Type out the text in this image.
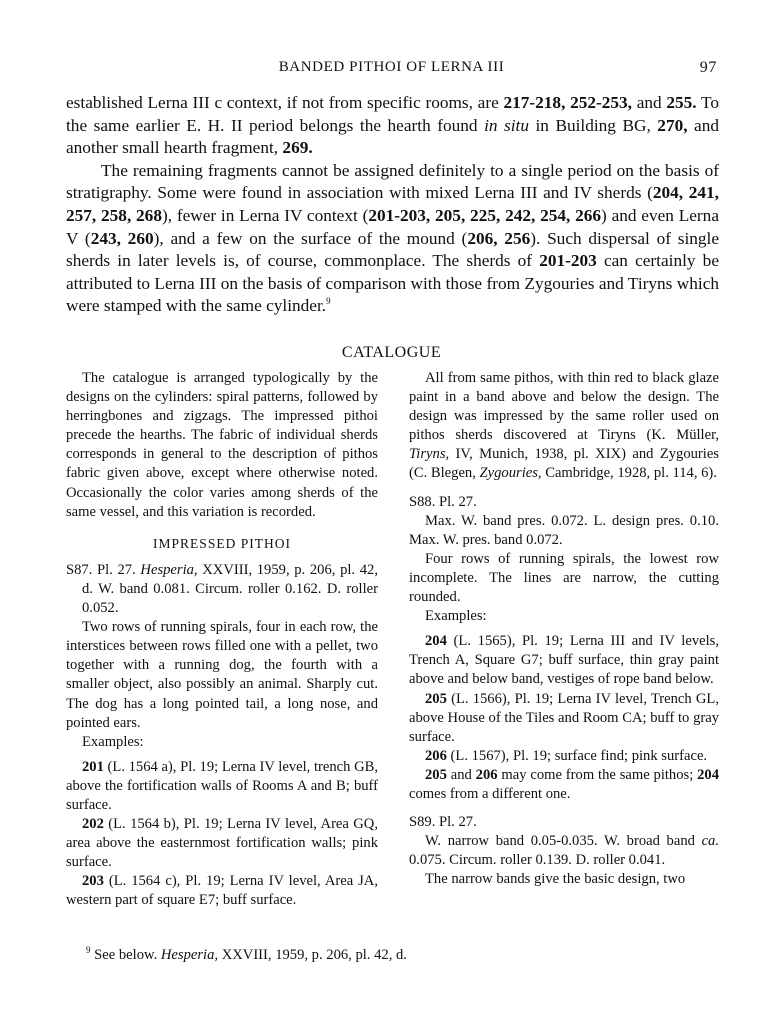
BANDED PITHOI OF LERNA III	97

established Lerna III c context, if not from specific rooms, are 217-218, 252-253, and 255. To the same earlier E. H. II period belongs the hearth found in situ in Building BG, 270, and another small hearth fragment, 269.

The remaining fragments cannot be assigned definitely to a single period on the basis of stratigraphy. Some were found in association with mixed Lerna III and IV sherds (204, 241, 257, 258, 268), fewer in Lerna IV context (201-203, 205, 225, 242, 254, 266) and even Lerna V (243, 260), and a few on the surface of the mound (206, 256). Such dispersal of single sherds in later levels is, of course, commonplace. The sherds of 201-203 can certainly be attributed to Lerna III on the basis of comparison with those from Zygouries and Tiryns which were stamped with the same cylinder.$^9$

CATALOGUE

The catalogue is arranged typologically by the designs on the cylinders: spiral patterns, followed by herringbones and zigzags. The impressed pithoi precede the hearths. The fabric of individual sherds corresponds in general to the description of pithos fabric given above, except where otherwise noted. Occasionally the color varies among sherds of the same vessel, and this variation is recorded.

IMPRESSED PITHOI

S87. Pl. 27. Hesperia, XXVIII, 1959, p. 206, pl. 42, d. W. band 0.081. Circum. roller 0.162. D. roller 0.052.

Two rows of running spirals, four in each row, the interstices between rows filled one with a pellet, two together with a running dog, the fourth with a smaller object, also possibly an animal. Sharply cut. The dog has a long pointed tail, a long nose, and pointed ears.

Examples:

201 (L. 1564 a), Pl. 19; Lerna IV level, trench GB, above the fortification walls of Rooms A and B; buff surface.

202 (L. 1564 b), Pl. 19; Lerna IV level, Area GQ, area above the easternmost fortification walls; pink surface.

203 (L. 1564 c), Pl. 19; Lerna IV level, Area JA, western part of square E7; buff surface.

All from same pithos, with thin red to black glaze paint in a band above and below the design. The design was impressed by the same roller used on pithos sherds discovered at Tiryns (K. Müller, Tiryns, IV, Munich, 1938, pl. XIX) and Zygouries (C. Blegen, Zygouries, Cambridge, 1928, pl. 114, 6).

S88. Pl. 27.

Max. W. band pres. 0.072. L. design pres. 0.10. Max. W. pres. band 0.072.

Four rows of running spirals, the lowest row incomplete. The lines are narrow, the cutting rounded.

Examples:

204 (L. 1565), Pl. 19; Lerna III and IV levels, Trench A, Square G7; buff surface, thin gray paint above and below band, vestiges of rope band below.

205 (L. 1566), Pl. 19; Lerna IV level, Trench GL, above House of the Tiles and Room CA; buff to gray surface.

206 (L. 1567), Pl. 19; surface find; pink surface.

205 and 206 may come from the same pithos; 204 comes from a different one.

S89. Pl. 27.

W. narrow band 0.05-0.035. W. broad band ca. 0.075. Circum. roller 0.139. D. roller 0.041.

The narrow bands give the basic design, two

$^9$ See below. Hesperia, XXVIII, 1959, p. 206, pl. 42, d.
